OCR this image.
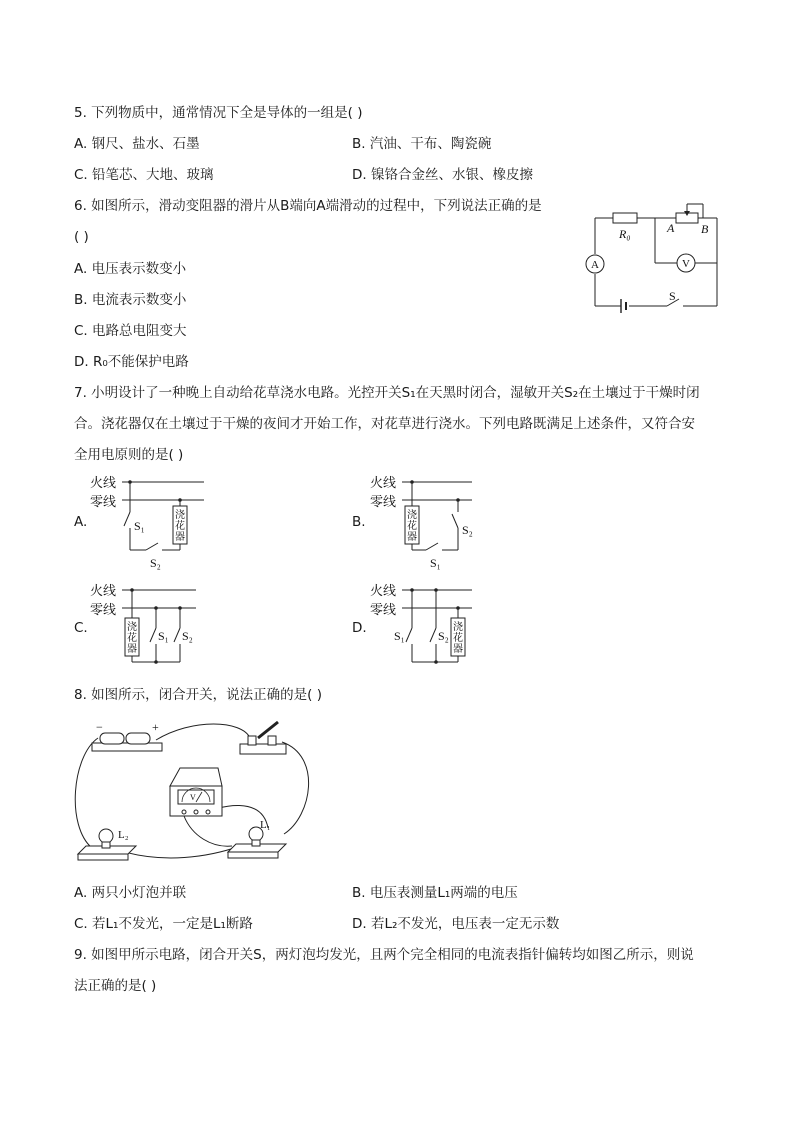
5. 下列物质中，通常情况下全是导体的一组是( )
A. 钢尺、盐水、石墨	B. 汽油、干布、陶瓷碗
C. 铅笔芯、大地、玻璃	D. 镍铬合金丝、水银、橡皮擦
6. 如图所示，滑动变阻器的滑片从B端向A端滑动的过程中，下列说法正确的是
( )
A. 电压表示数变小
B. 电流表示数变小
C. 电路总电阻变大
D. R₀不能保护电路
R₀	A B
A	V
S
7. 小明设计了一种晚上自动给花草浇水电路。光控开关S₁在天黑时闭合，湿敏开关S₂在土壤过于干燥时闭
合。浇花器仅在土壤过于干燥的夜间才开始工作，对花草进行浇水。下列电路既满足上述条件，又符合安
全用电原则的是( )
A.
火线
零线
S₁
S₂
浇
花
器
B.
火线
零线
浇
花
器
S₂
S₁
C.
火线
零线
浇
花
器
S₁ S₂	D.
火线
零线
S₁	S₂
浇
花
器
8. 如图所示，闭合开关，说法正确的是( )
−	+
V
L₂
L₁
A. 两只小灯泡并联	B. 电压表测量L₁两端的电压
C. 若L₁不发光，一定是L₁断路	D. 若L₂不发光，电压表一定无示数
9. 如图甲所示电路，闭合开关S，两灯泡均发光，且两个完全相同的电流表指针偏转均如图乙所示，则说
法正确的是( )
